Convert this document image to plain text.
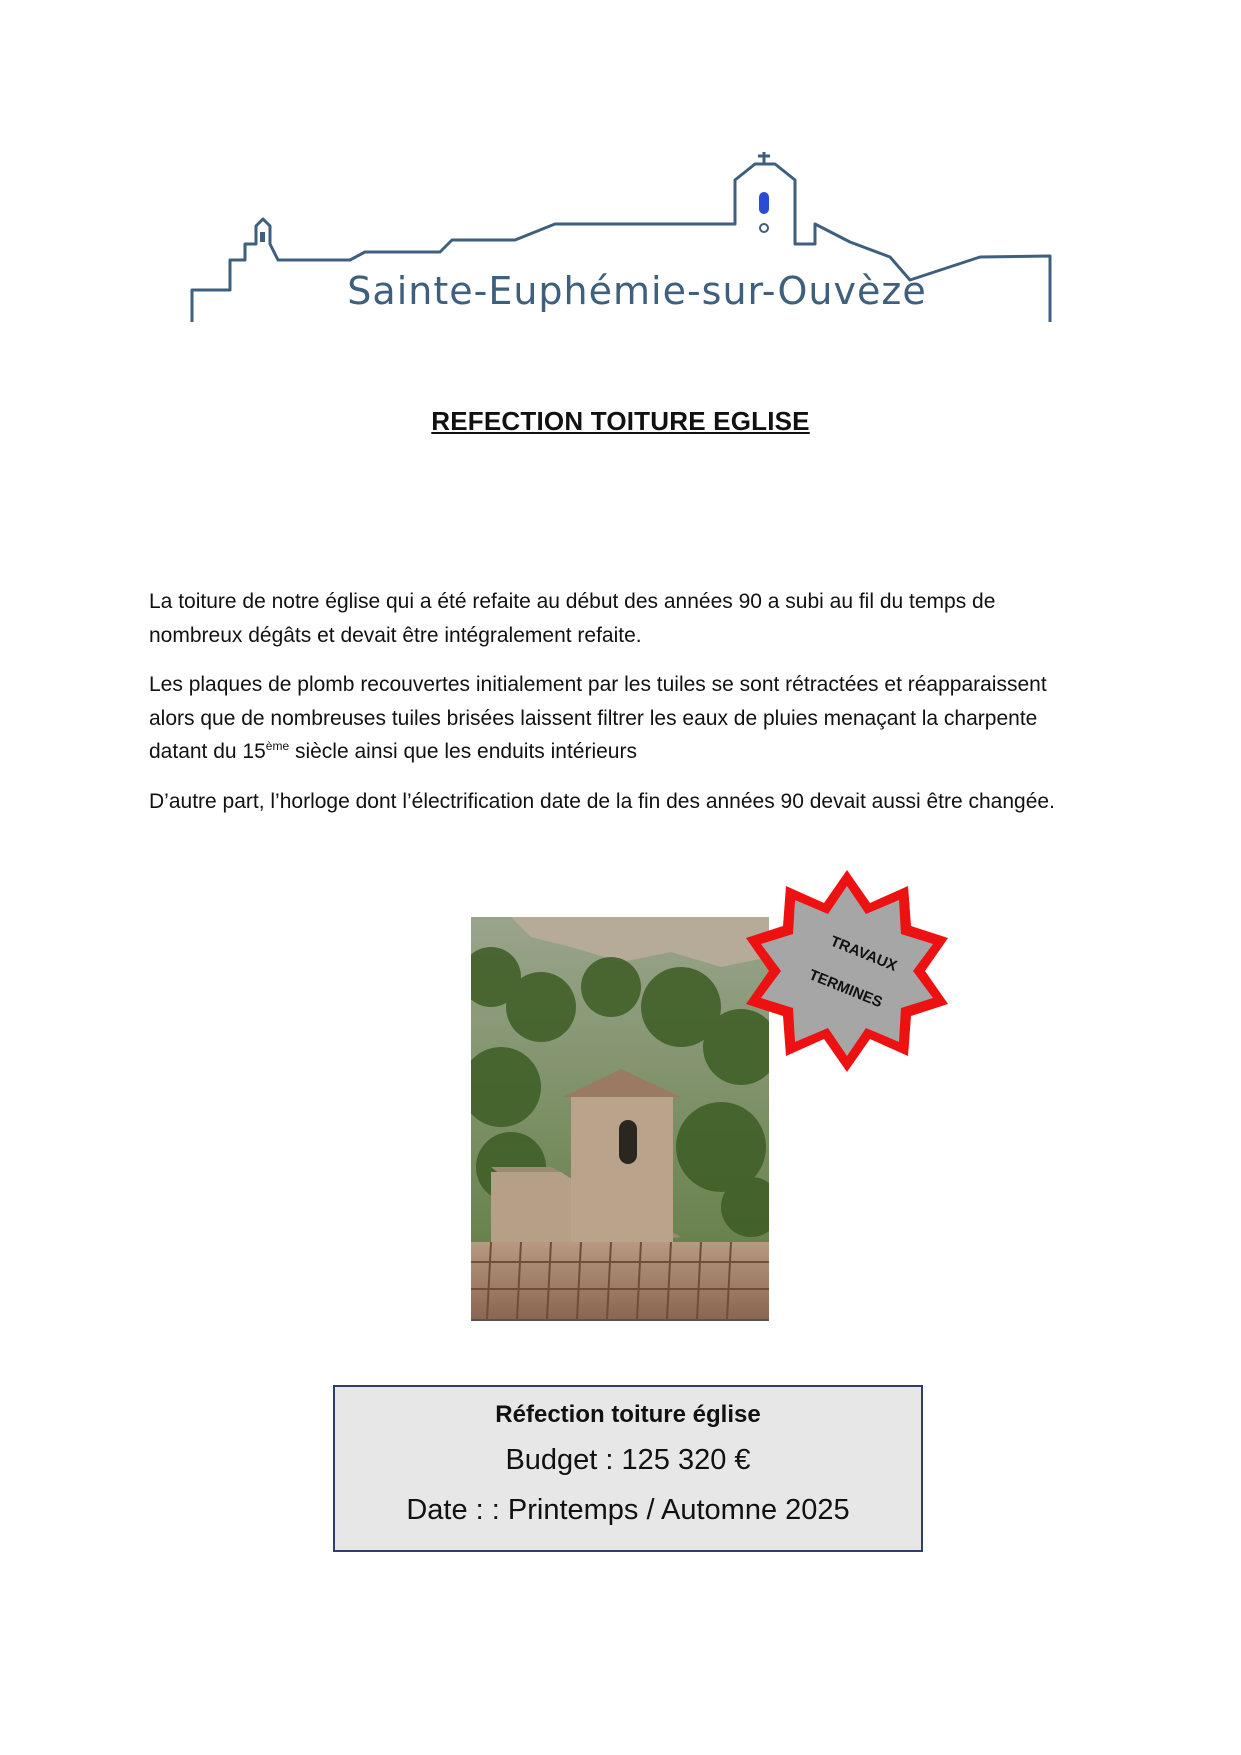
Sainte-Euphémie-sur-Ouvèze
REFECTION TOITURE EGLISE

La toiture de notre église qui a été refaite au début des années 90 a subi au fil du temps de nombreux dégâts et devait être intégralement refaite.

Les plaques de plomb recouvertes initialement par les tuiles se sont rétractées et réapparaissent alors que de nombreuses tuiles brisées laissent filtrer les eaux de pluies menaçant la charpente datant du 15ème siècle ainsi que les enduits intérieurs

D’autre part, l’horloge dont l’électrification date de la fin des années 90 devait aussi être changée.

TRAVAUX
TERMINES
Réfection toiture église
Budget : 125 320 €
Date : : Printemps / Automne 2025
